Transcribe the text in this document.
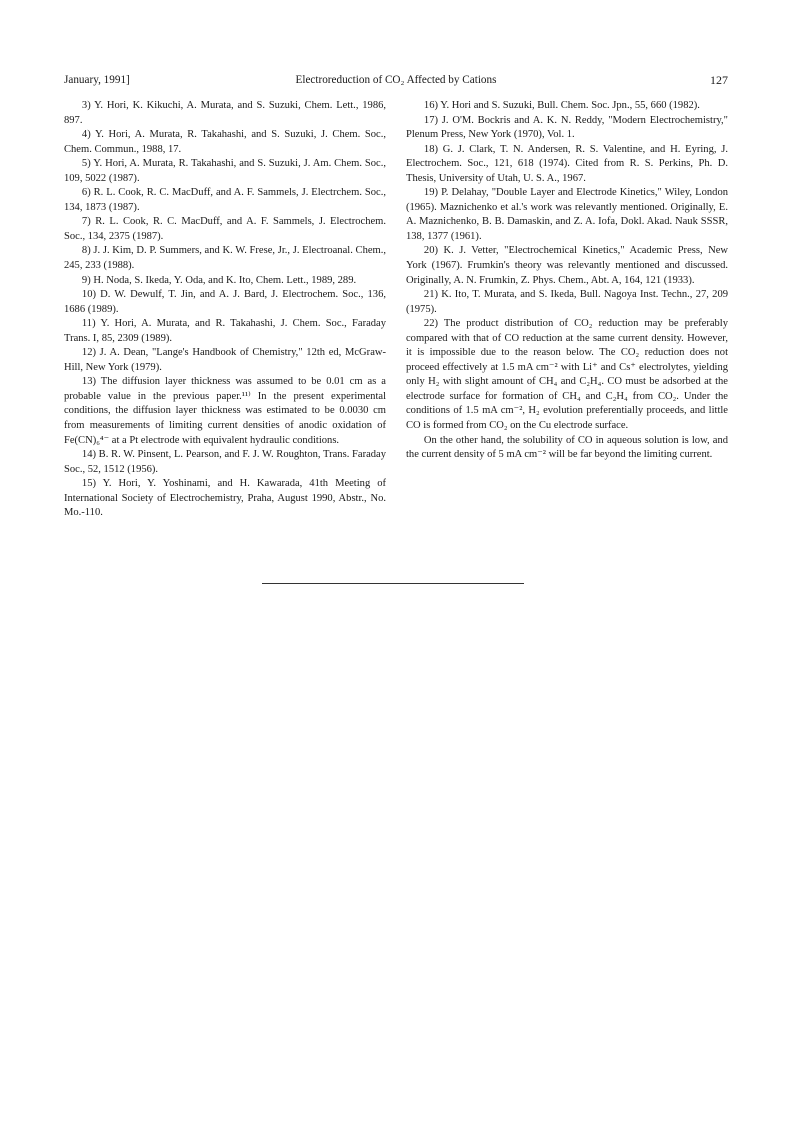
January, 1991]	Electroreduction of CO₂ Affected by Cations	127

3) Y. Hori, K. Kikuchi, A. Murata, and S. Suzuki, Chem. Lett., 1986, 897.

4) Y. Hori, A. Murata, R. Takahashi, and S. Suzuki, J. Chem. Soc., Chem. Commun., 1988, 17.

5) Y. Hori, A. Murata, R. Takahashi, and S. Suzuki, J. Am. Chem. Soc., 109, 5022 (1987).

6) R. L. Cook, R. C. MacDuff, and A. F. Sammels, J. Electrchem. Soc., 134, 1873 (1987).

7) R. L. Cook, R. C. MacDuff, and A. F. Sammels, J. Electrochem. Soc., 134, 2375 (1987).

8) J. J. Kim, D. P. Summers, and K. W. Frese, Jr., J. Electroanal. Chem., 245, 233 (1988).

9) H. Noda, S. Ikeda, Y. Oda, and K. Ito, Chem. Lett., 1989, 289.

10) D. W. Dewulf, T. Jin, and A. J. Bard, J. Electrochem. Soc., 136, 1686 (1989).

11) Y. Hori, A. Murata, and R. Takahashi, J. Chem. Soc., Faraday Trans. I, 85, 2309 (1989).

12) J. A. Dean, "Lange's Handbook of Chemistry," 12th ed, McGraw-Hill, New York (1979).

13) The diffusion layer thickness was assumed to be 0.01 cm as a probable value in the previous paper.¹¹⁾ In the present experimental conditions, the diffusion layer thickness was estimated to be 0.0030 cm from measurements of limiting current densities of anodic oxidation of Fe(CN)₆⁴⁻ at a Pt electrode with equivalent hydraulic conditions.

14) B. R. W. Pinsent, L. Pearson, and F. J. W. Roughton, Trans. Faraday Soc., 52, 1512 (1956).

15) Y. Hori, Y. Yoshinami, and H. Kawarada, 41th Meeting of International Society of Electrochemistry, Praha, August 1990, Abstr., No. Mo.-110.

16) Y. Hori and S. Suzuki, Bull. Chem. Soc. Jpn., 55, 660 (1982).

17) J. O'M. Bockris and A. K. N. Reddy, "Modern Electrochemistry," Plenum Press, New York (1970), Vol. 1.

18) G. J. Clark, T. N. Andersen, R. S. Valentine, and H. Eyring, J. Electrochem. Soc., 121, 618 (1974). Cited from R. S. Perkins, Ph. D. Thesis, University of Utah, U. S. A., 1967.

19) P. Delahay, "Double Layer and Electrode Kinetics," Wiley, London (1965). Maznichenko et al.'s work was relevantly mentioned. Originally, E. A. Maznichenko, B. B. Damaskin, and Z. A. Iofa, Dokl. Akad. Nauk SSSR, 138, 1377 (1961).

20) K. J. Vetter, "Electrochemical Kinetics," Academic Press, New York (1967). Frumkin's theory was relevantly mentioned and discussed. Originally, A. N. Frumkin, Z. Phys. Chem., Abt. A, 164, 121 (1933).

21) K. Ito, T. Murata, and S. Ikeda, Bull. Nagoya Inst. Techn., 27, 209 (1975).

22) The product distribution of CO₂ reduction may be preferably compared with that of CO reduction at the same current density. However, it is impossible due to the reason below. The CO₂ reduction does not proceed effectively at 1.5 mA cm⁻² with Li⁺ and Cs⁺ electrolytes, yielding only H₂ with slight amount of CH₄ and C₂H₄. CO must be adsorbed at the electrode surface for formation of CH₄ and C₂H₄ from CO₂. Under the conditions of 1.5 mA cm⁻², H₂ evolution preferentially proceeds, and little CO is formed from CO₂ on the Cu electrode surface.

On the other hand, the solubility of CO in aqueous solution is low, and the current density of 5 mA cm⁻² will be far beyond the limiting current.
